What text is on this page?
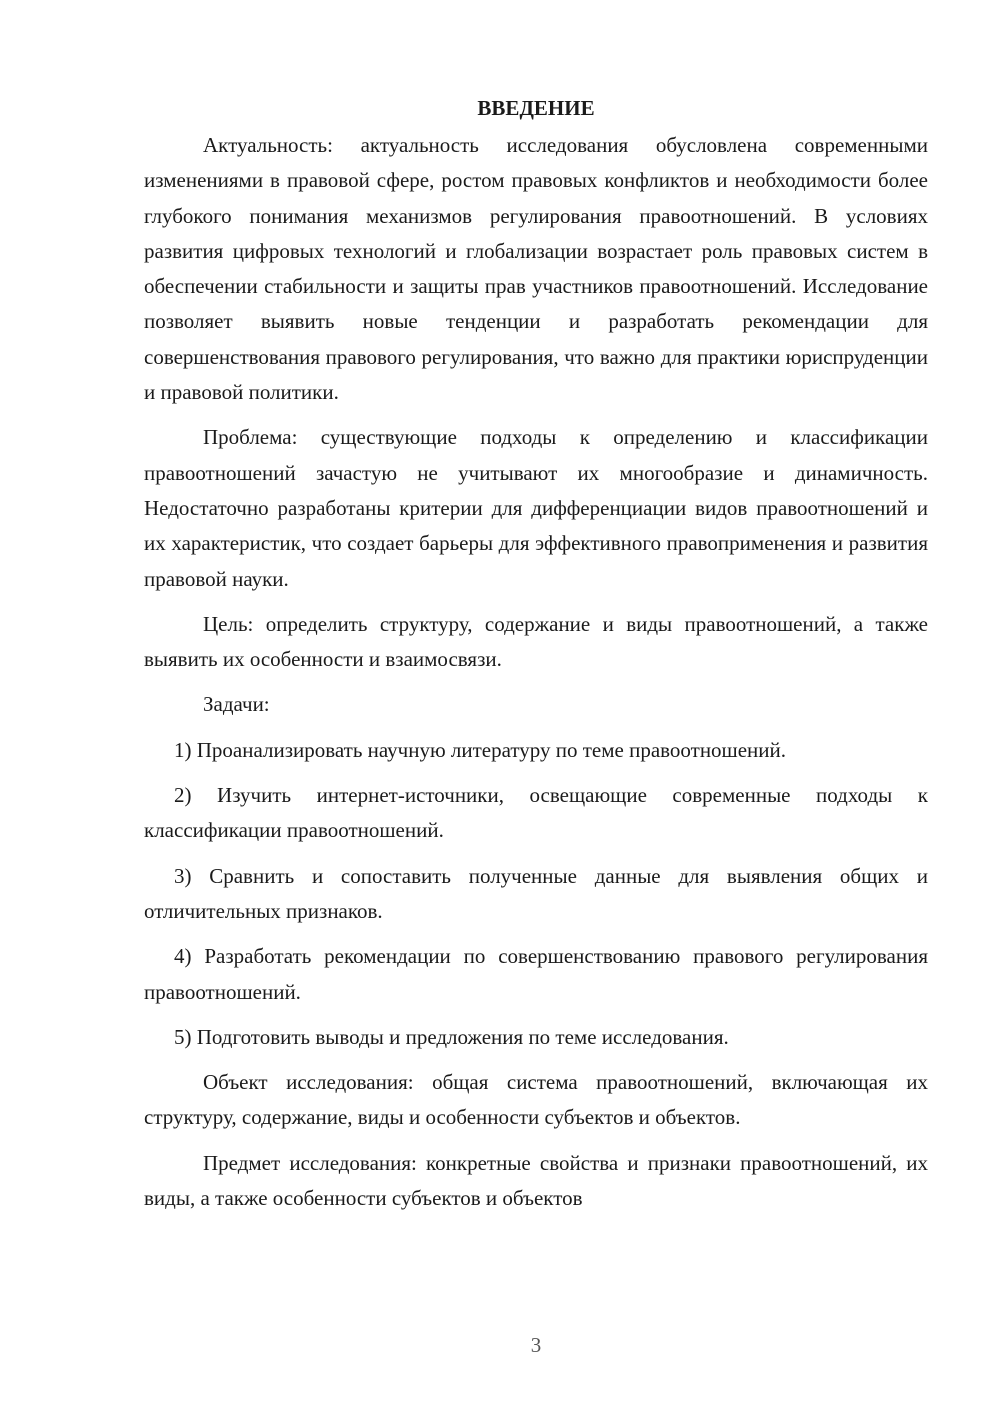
ВВЕДЕНИЕ

Актуальность: актуальность исследования обусловлена современными изменениями в правовой сфере, ростом правовых конфликтов и необходимости более глубокого понимания механизмов регулирования правоотношений. В условиях развития цифровых технологий и глобализации возрастает роль правовых систем в обеспечении стабильности и защиты прав участников правоотношений. Исследование позволяет выявить новые тенденции и разработать рекомендации для совершенствования правового регулирования, что важно для практики юриспруденции и правовой политики.

Проблема: существующие подходы к определению и классификации правоотношений зачастую не учитывают их многообразие и динамичность. Недостаточно разработаны критерии для дифференциации видов правоотношений и их характеристик, что создает барьеры для эффективного правоприменения и развития правовой науки.

Цель: определить структуру, содержание и виды правоотношений, а также выявить их особенности и взаимосвязи.

Задачи:

1) Проанализировать научную литературу по теме правоотношений.

2) Изучить интернет-источники, освещающие современные подходы к классификации правоотношений.

3) Сравнить и сопоставить полученные данные для выявления общих и отличительных признаков.

4) Разработать рекомендации по совершенствованию правового регулирования правоотношений.

5) Подготовить выводы и предложения по теме исследования.

Объект исследования: общая система правоотношений, включающая их структуру, содержание, виды и особенности субъектов и объектов.

Предмет исследования: конкретные свойства и признаки правоотношений, их виды, а также особенности субъектов и объектов

3
